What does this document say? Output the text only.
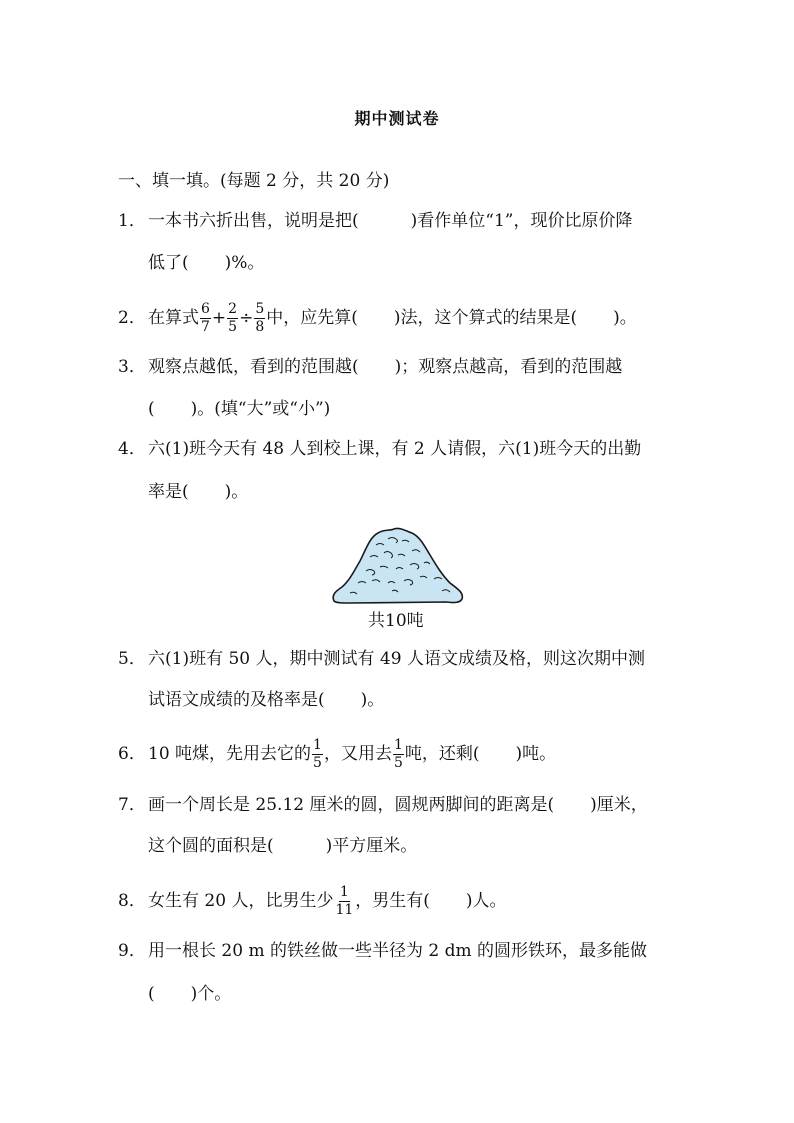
期中测试卷
一、填一填。(每题 2 分，共 20 分)
1． 一本书六折出售，说明是把(	)看作单位“1”，现价比原价降
低了( )%。
2． 在算式 $\frac{6}{7} + \frac{2}{5} \div \frac{5}{8}$ 中，应先算( )法，这个算式的结果是( )。
3． 观察点越低，看到的范围越( )；观察点越高，看到的范围越
( )。(填“大”或“小”)
4． 六(1)班今天有 48 人到校上课，有 2 人请假，六(1)班今天的出勤
率是( )。
共10吨
5． 六(1)班有 50 人，期中测试有 49 人语文成绩及格，则这次期中测
试语文成绩的及格率是( )。
6． 10 吨煤，先用去它的 $\frac{1}{5}$ ，又用去 $\frac{1}{5}$ 吨，还剩( )吨。
7． 画一个周长是 25.12 厘米的圆，圆规两脚间的距离是( )厘米，
这个圆的面积是(	)平方厘米。
8． 女生有 20 人，比男生少 $\frac{1}{11}$ ，男生有( )人。
9． 用一根长 20 m 的铁丝做一些半径为 2 dm 的圆形铁环，最多能做
( )个。
